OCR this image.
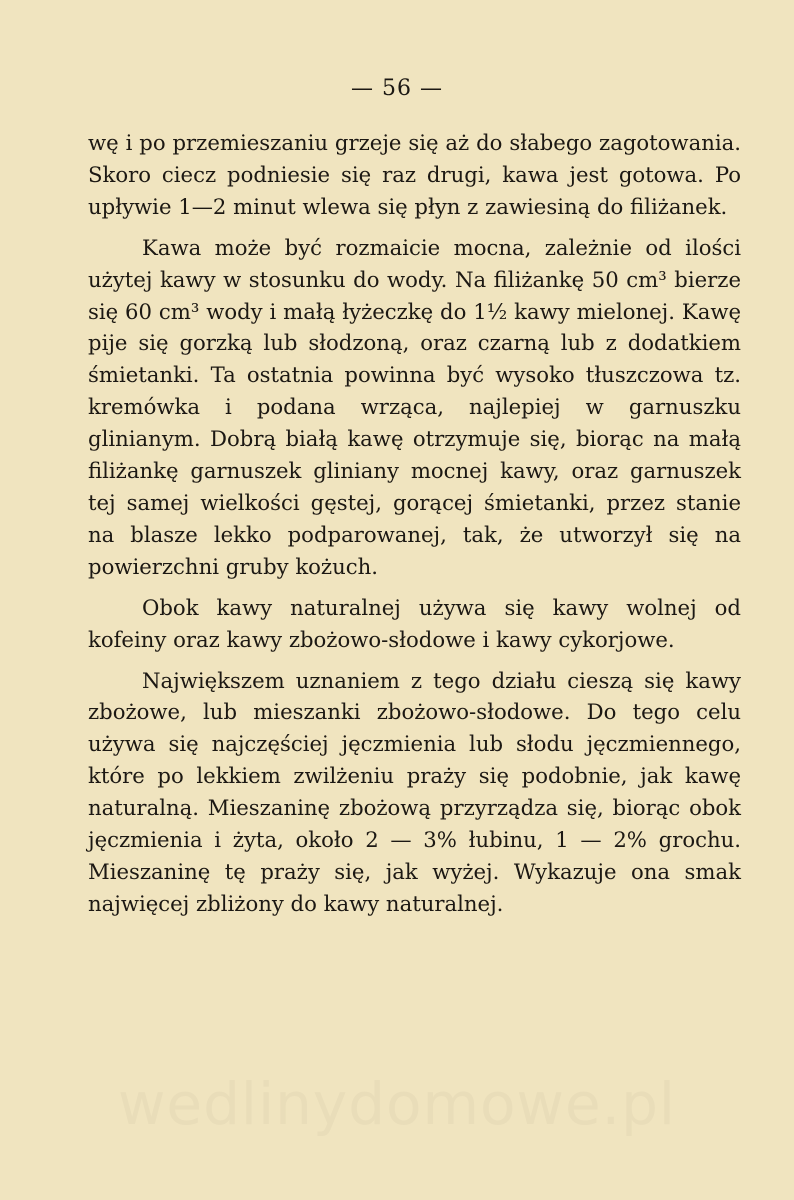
— 56 —

wę i po przemieszaniu grzeje się aż do słabego zagotowania. Skoro ciecz podniesie się raz drugi, kawa jest gotowa. Po upływie 1—2 minut wlewa się płyn z zawiesiną do filiżanek.

Kawa może być rozmaicie mocna, zależnie od ilości użytej kawy w stosunku do wody. Na filiżankę 50 cm³ bierze się 60 cm³ wody i małą łyżeczkę do 1½ kawy mielonej. Kawę pije się gorzką lub słodzoną, oraz czarną lub z dodatkiem śmietanki. Ta ostatnia powinna być wysoko tłuszczowa tz. kremówka i podana wrząca, najlepiej w garnuszku glinianym. Dobrą białą kawę otrzymuje się, biorąc na małą filiżankę garnuszek gliniany mocnej kawy, oraz garnuszek tej samej wielkości gęstej, gorącej śmietanki, przez stanie na blasze lekko podparowanej, tak, że utworzył się na powierzchni gruby kożuch.

Obok kawy naturalnej używa się kawy wolnej od kofeiny oraz kawy zbożowo-słodowe i kawy cykorjowe.

Największem uznaniem z tego działu cieszą się kawy zbożowe, lub mieszanki zbożowo-słodowe. Do tego celu używa się najczęściej jęczmienia lub słodu jęczmiennego, które po lekkiem zwilżeniu praży się podobnie, jak kawę naturalną. Mieszaninę zbożową przyrządza się, biorąc obok jęczmienia i żyta, około 2 — 3% łubinu, 1 — 2% grochu. Mieszaninę tę praży się, jak wyżej. Wykazuje ona smak najwięcej zbliżony do kawy naturalnej.

wedlinydomowe.pl
